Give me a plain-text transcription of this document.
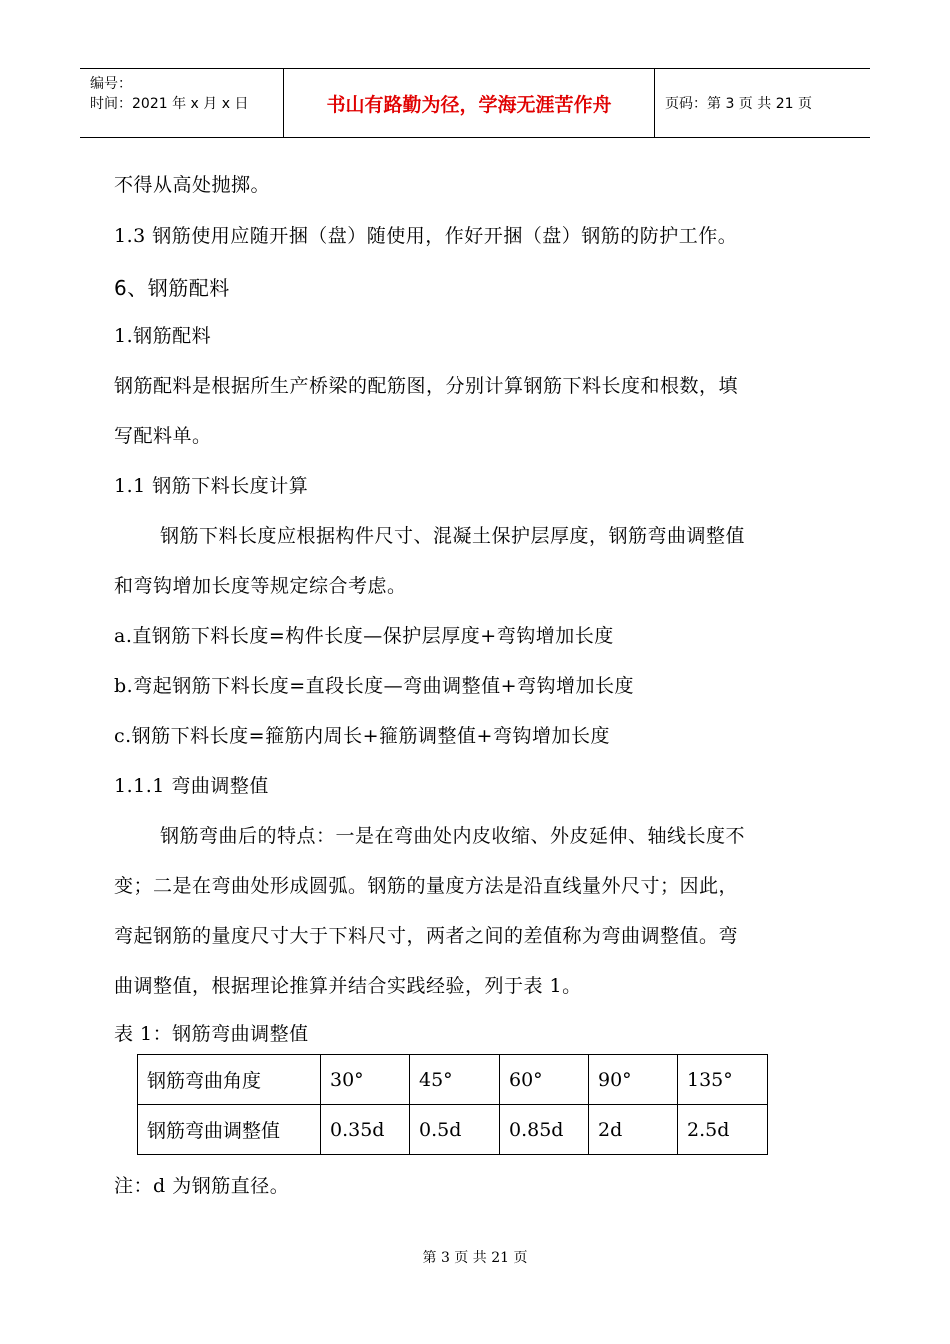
编号：
时间：2021 年 x 月 x 日	书山有路勤为径，学海无涯苦作舟	页码：第 3 页 共 21 页
不得从高处抛掷。
1.3 钢筋使用应随开捆（盘）随使用，作好开捆（盘）钢筋的防护工作。
6、钢筋配料
1.钢筋配料
钢筋配料是根据所生产桥梁的配筋图，分别计算钢筋下料长度和根数，填
写配料单。
1.1 钢筋下料长度计算
钢筋下料长度应根据构件尺寸、混凝土保护层厚度，钢筋弯曲调整值
和弯钩增加长度等规定综合考虑。
a.直钢筋下料长度=构件长度—保护层厚度+弯钩增加长度
b.弯起钢筋下料长度=直段长度—弯曲调整值+弯钩增加长度
c.钢筋下料长度=箍筋内周长+箍筋调整值+弯钩增加长度
1.1.1 弯曲调整值
钢筋弯曲后的特点：一是在弯曲处内皮收缩、外皮延伸、轴线长度不
变；二是在弯曲处形成圆弧。钢筋的量度方法是沿直线量外尺寸；因此，
弯起钢筋的量度尺寸大于下料尺寸，两者之间的差值称为弯曲调整值。弯
曲调整值，根据理论推算并结合实践经验，列于表 1。
表 1：钢筋弯曲调整值
钢筋弯曲角度	30°	45°	60°	90°	135°
钢筋弯曲调整值	0.35d	0.5d	0.85d	2d	2.5d
注：d 为钢筋直径。
第 3 页 共 21 页
